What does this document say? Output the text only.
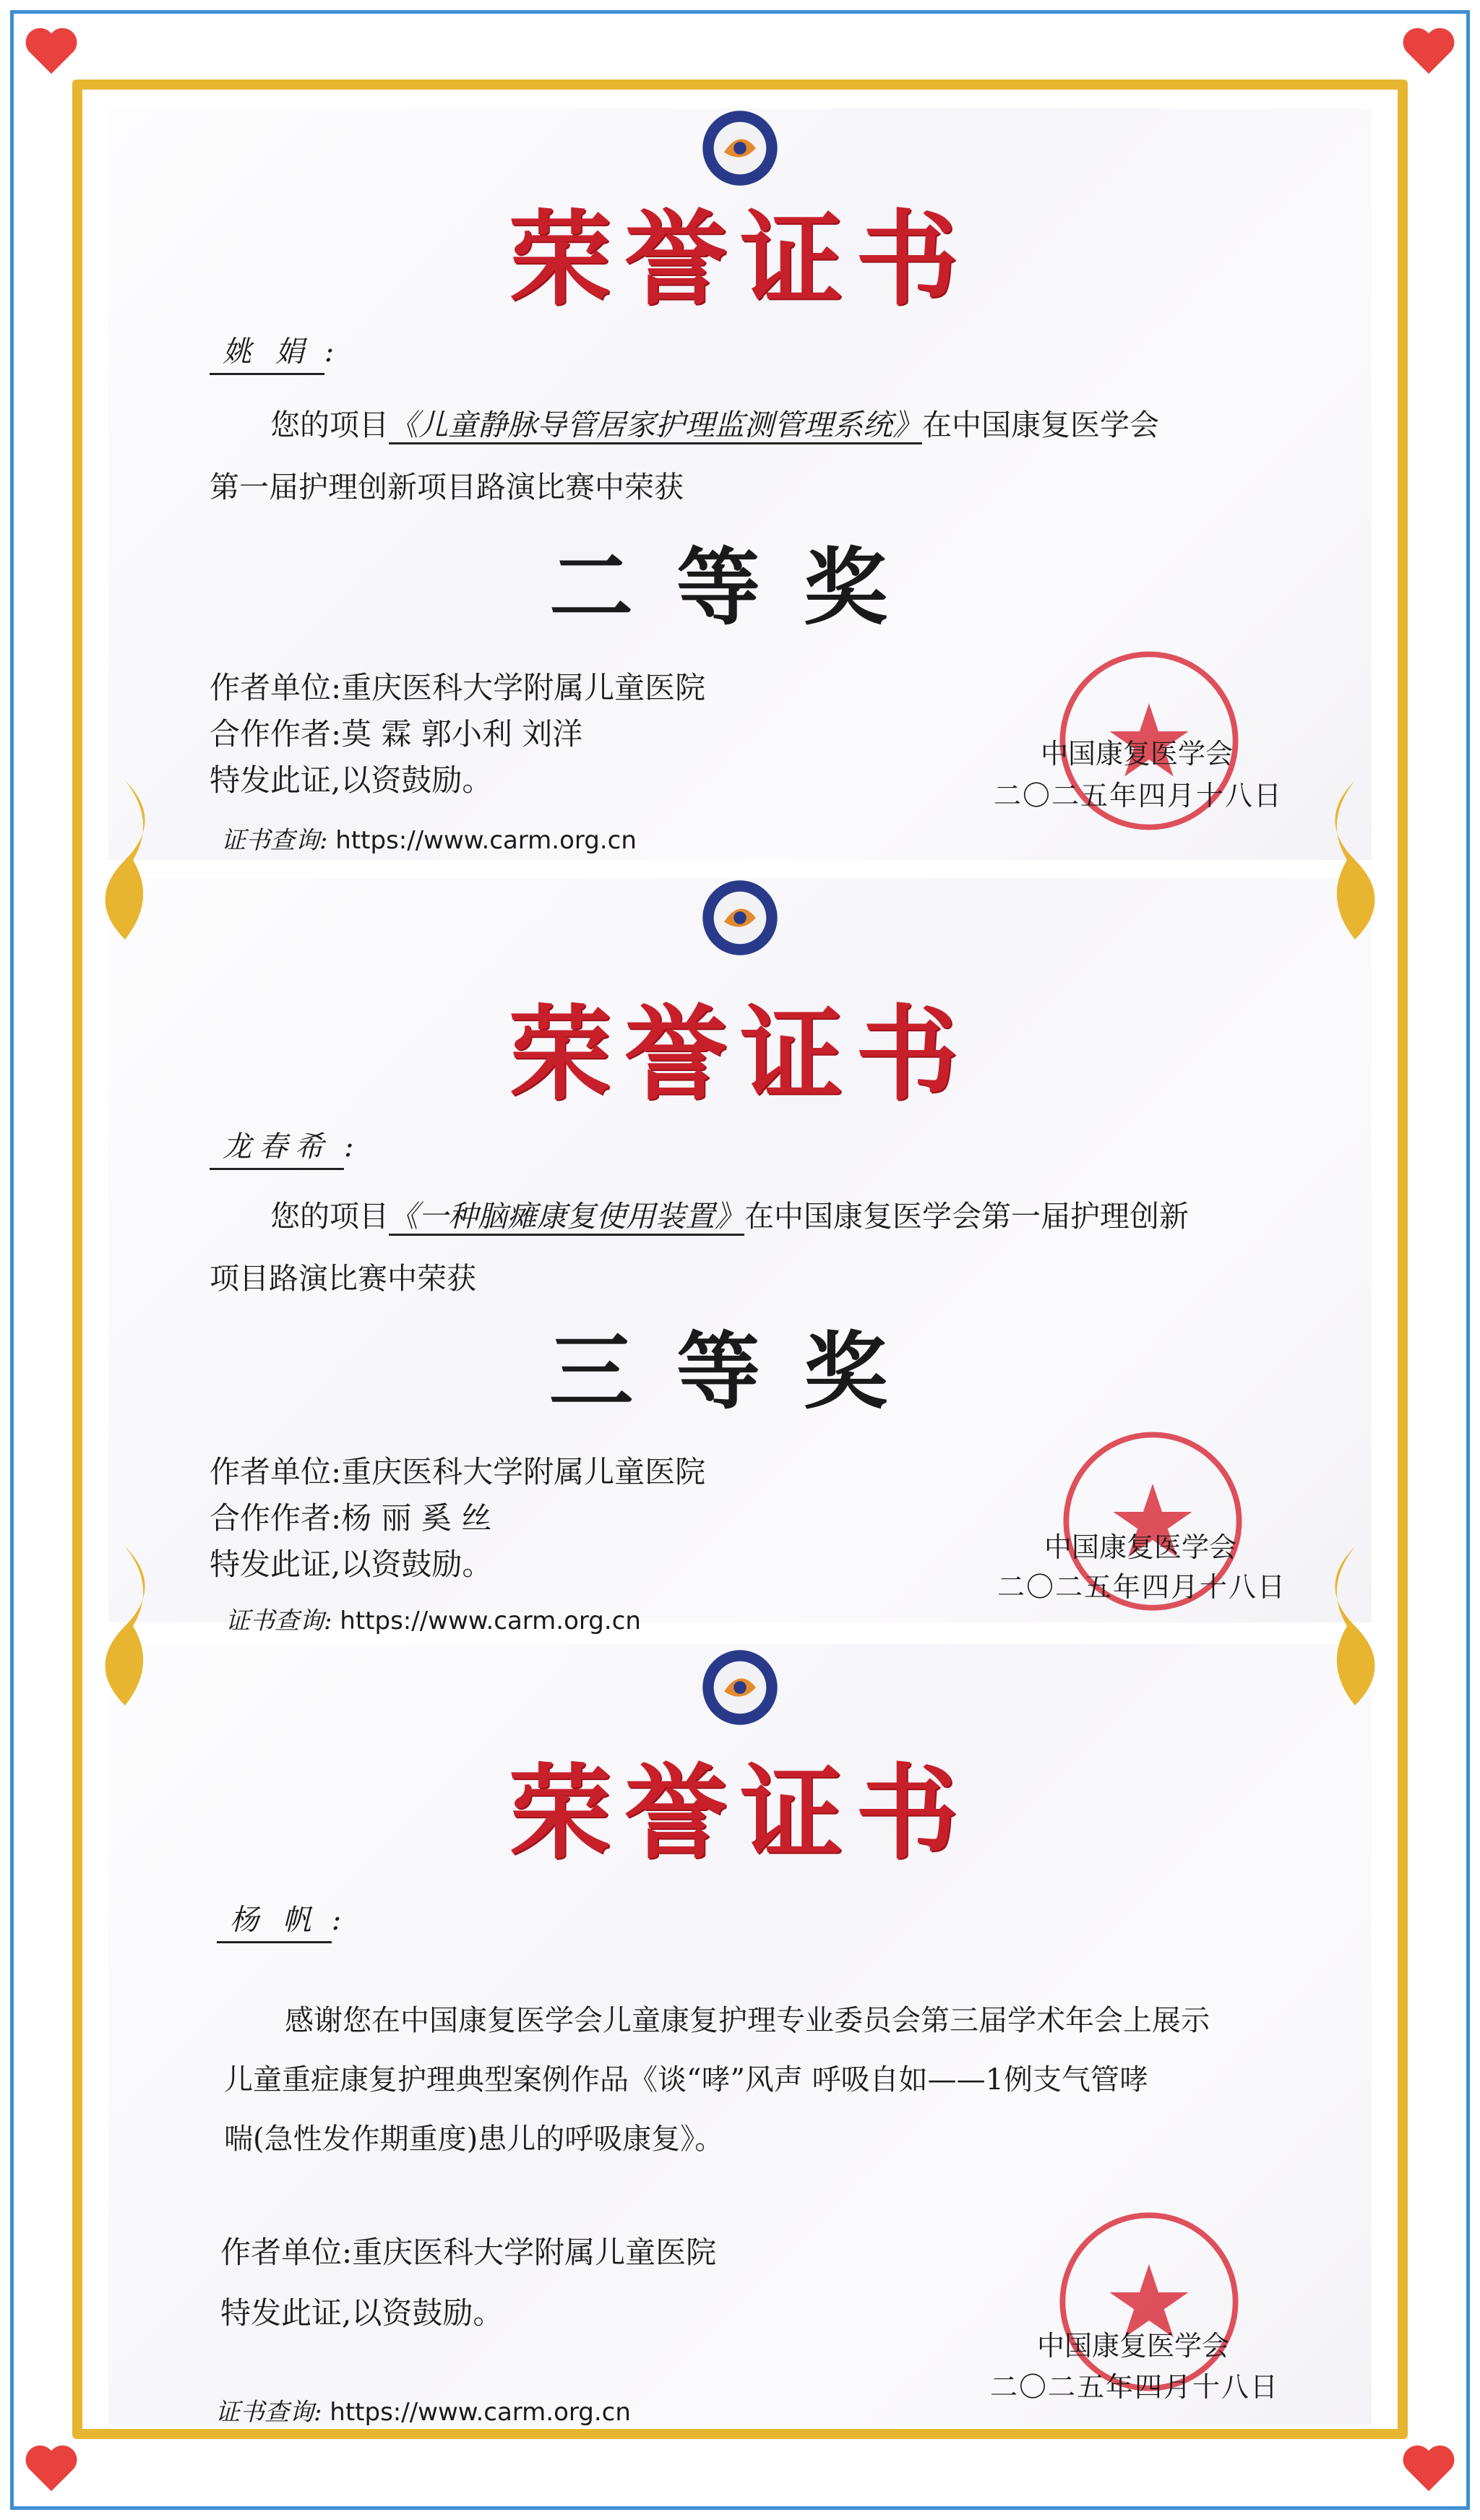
荣誉证书
姚 娟 :
您的项目《儿童静脉导管居家护理监测管理系统》在中国康复医学会
第一届护理创新项目路演比赛中荣获
二等奖
作者单位:重庆医科大学附属儿童医院
合作作者:莫 霖 郭小利 刘洋
特发此证,以资鼓励。
中国康复医学会
二〇二五年四月十八日
证书查询: https://www.carm.org.cn
荣誉证书
龙春希 :
您的项目《一种脑瘫康复使用装置》在中国康复医学会第一届护理创新
项目路演比赛中荣获
三等奖
作者单位:重庆医科大学附属儿童医院
合作作者:杨 丽 奚 丝
特发此证,以资鼓励。	中国康复医学会
二〇二五年四月十八日
证书查询: https://www.carm.org.cn
荣誉证书
杨 帆 :
感谢您在中国康复医学会儿童康复护理专业委员会第三届学术年会上展示
儿童重症康复护理典型案例作品《谈“哮”风声 呼吸自如——1例支气管哮
喘(急性发作期重度)患儿的呼吸康复》。
作者单位:重庆医科大学附属儿童医院
特发此证,以资鼓励。
中国康复医学会
二〇二五年四月十八日
证书查询: https://www.carm.org.cn
